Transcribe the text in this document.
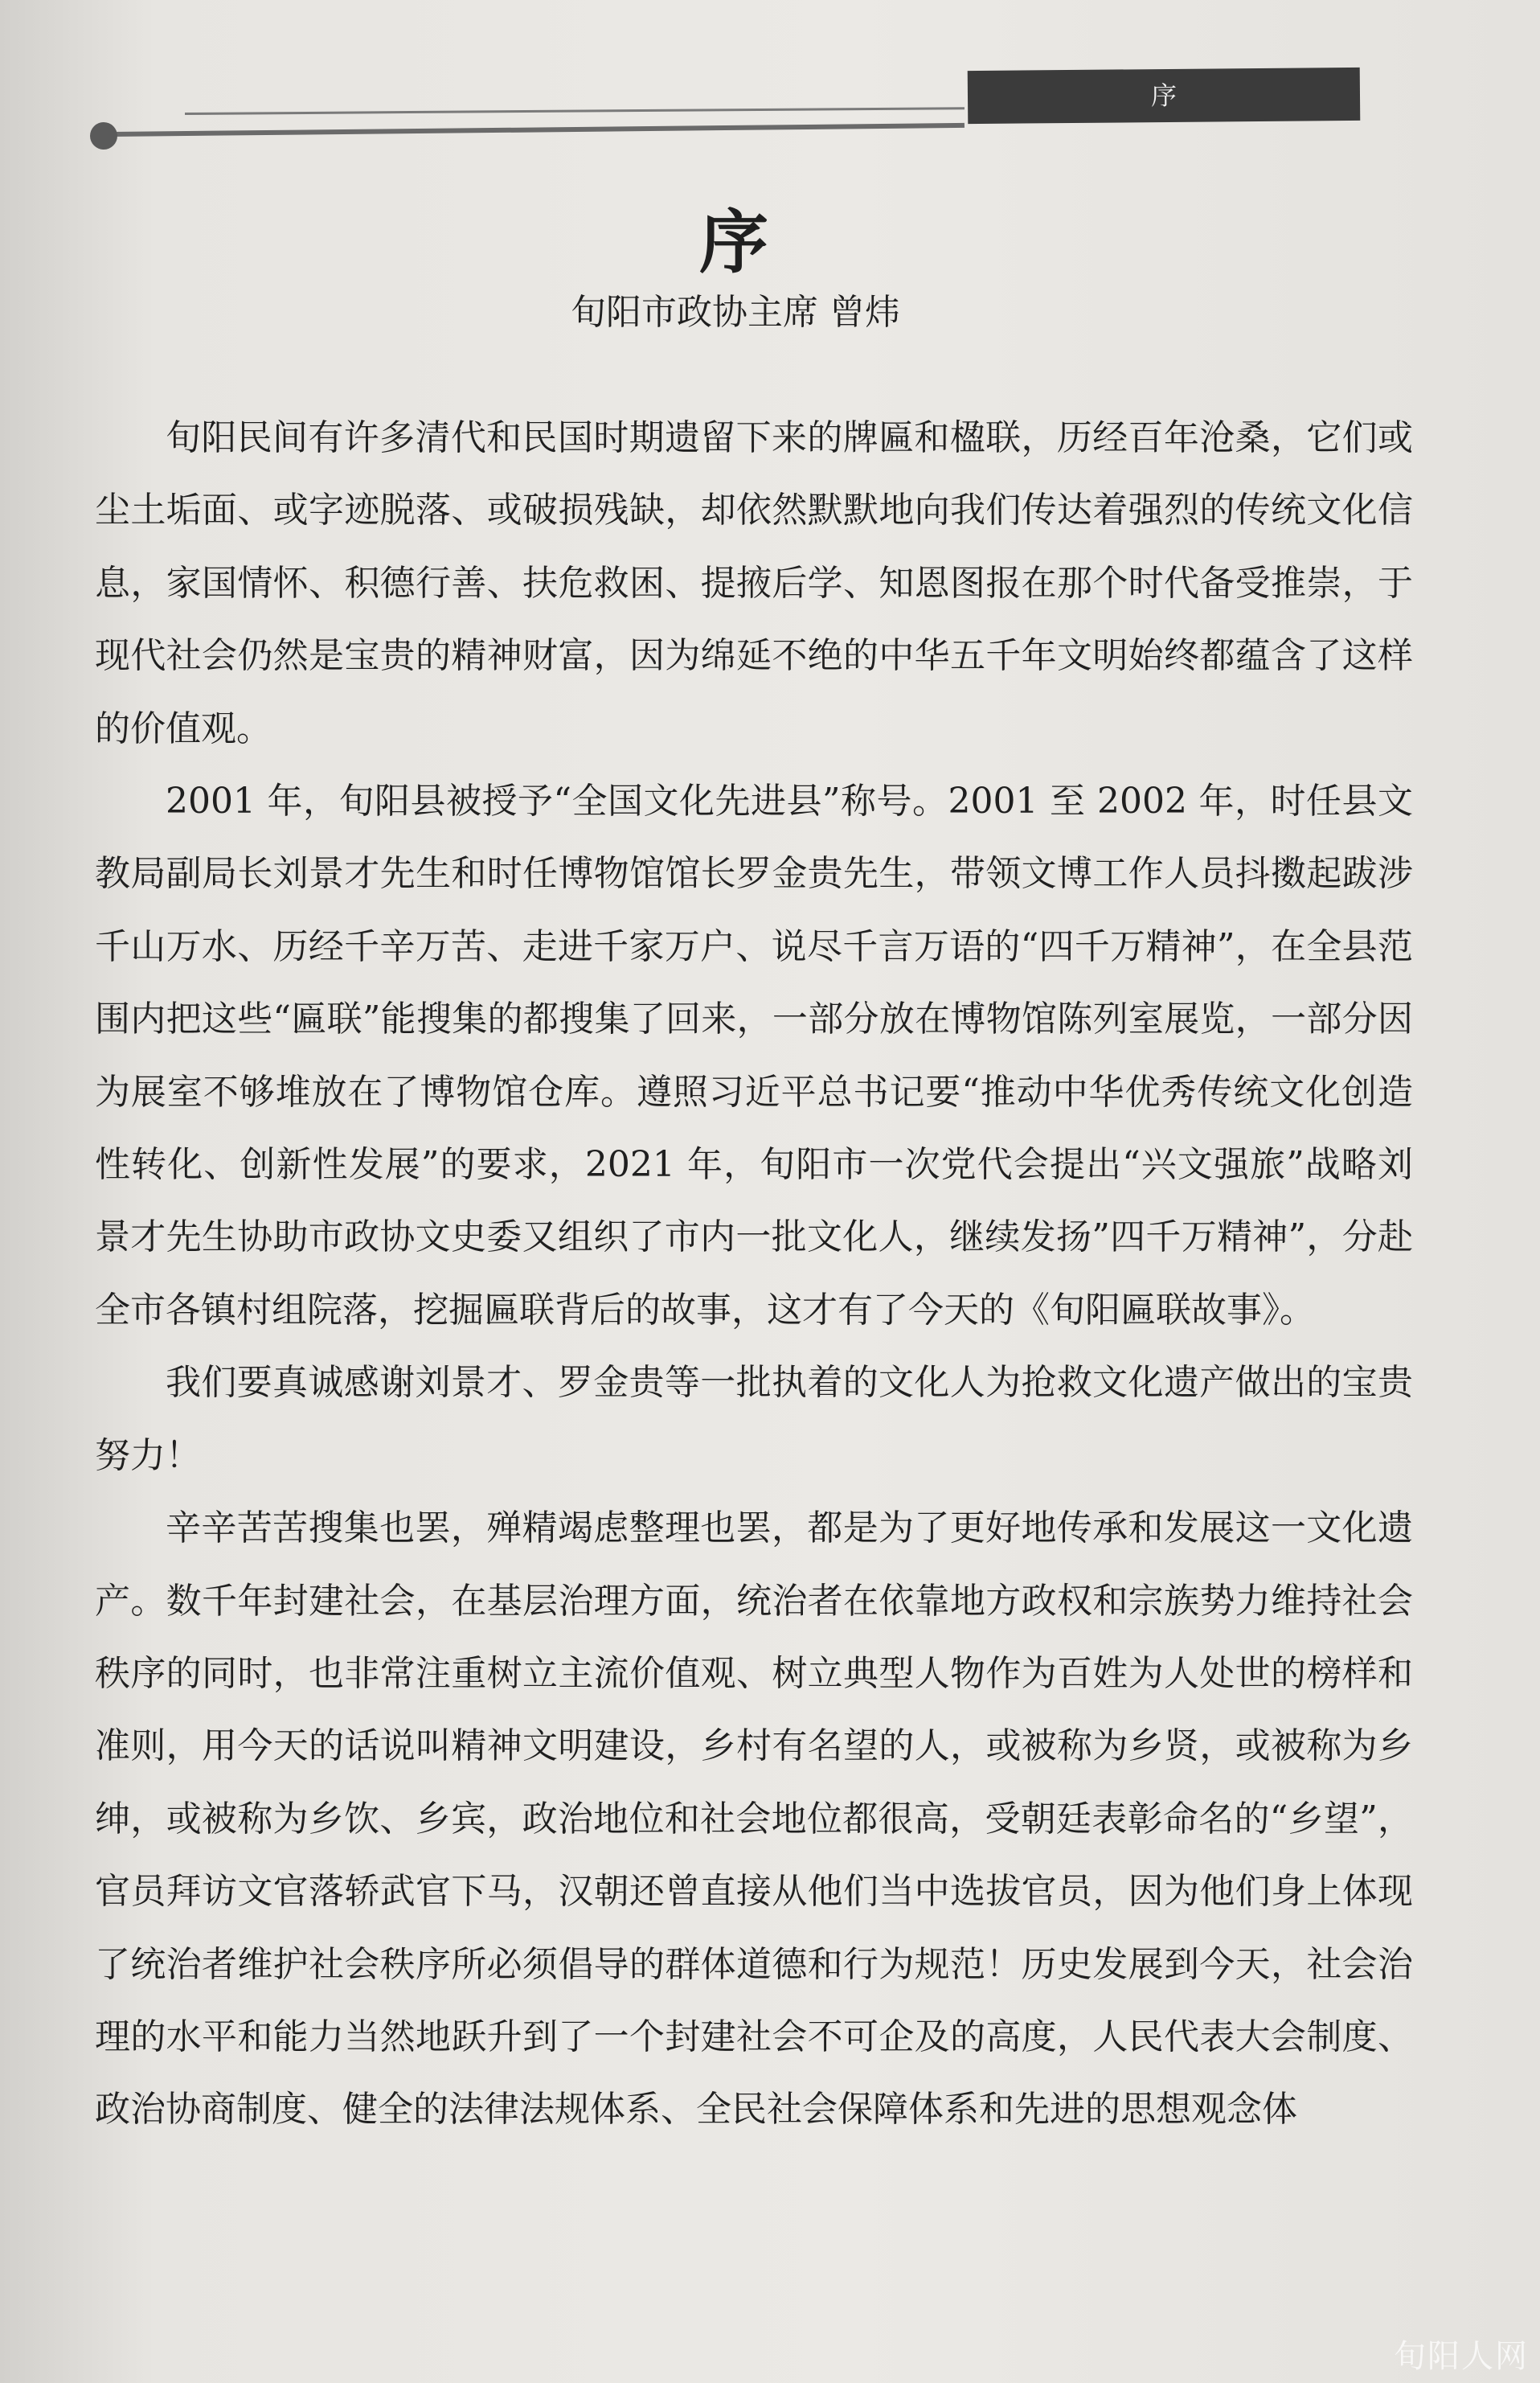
序
序
旬阳市政协主席 曾炜

旬阳民间有许多清代和民国时期遗留下来的牌匾和楹联，历经百年沧桑，它们或尘土垢面、或字迹脱落、或破损残缺，却依然默默地向我们传达着强烈的传统文化信息，家国情怀、积德行善、扶危救困、提掖后学、知恩图报在那个时代备受推崇，于现代社会仍然是宝贵的精神财富，因为绵延不绝的中华五千年文明始终都蕴含了这样的价值观。

2001 年，旬阳县被授予“全国文化先进县”称号。2001 至 2002 年，时任县文教局副局长刘景才先生和时任博物馆馆长罗金贵先生，带领文博工作人员抖擞起跋涉千山万水、历经千辛万苦、走进千家万户、说尽千言万语的“四千万精神”，在全县范围内把这些“匾联”能搜集的都搜集了回来，一部分放在博物馆陈列室展览，一部分因为展室不够堆放在了博物馆仓库。遵照习近平总书记要“推动中华优秀传统文化创造性转化、创新性发展”的要求，2021 年，旬阳市一次党代会提出“兴文强旅”战略刘景才先生协助市政协文史委又组织了市内一批文化人，继续发扬”四千万精神”，分赴全市各镇村组院落，挖掘匾联背后的故事，这才有了今天的《旬阳匾联故事》。

我们要真诚感谢刘景才、罗金贵等一批执着的文化人为抢救文化遗产做出的宝贵努力！

辛辛苦苦搜集也罢，殚精竭虑整理也罢，都是为了更好地传承和发展这一文化遗产。数千年封建社会，在基层治理方面，统治者在依靠地方政权和宗族势力维持社会秩序的同时，也非常注重树立主流价值观、树立典型人物作为百姓为人处世的榜样和准则，用今天的话说叫精神文明建设，乡村有名望的人，或被称为乡贤，或被称为乡绅，或被称为乡饮、乡宾，政治地位和社会地位都很高，受朝廷表彰命名的“乡望”，官员拜访文官落轿武官下马，汉朝还曾直接从他们当中选拔官员，因为他们身上体现了统治者维护社会秩序所必须倡导的群体道德和行为规范！历史发展到今天，社会治理的水平和能力当然地跃升到了一个封建社会不可企及的高度，人民代表大会制度、政治协商制度、健全的法律法规体系、全民社会保障体系和先进的思想观念体

旬阳人网
